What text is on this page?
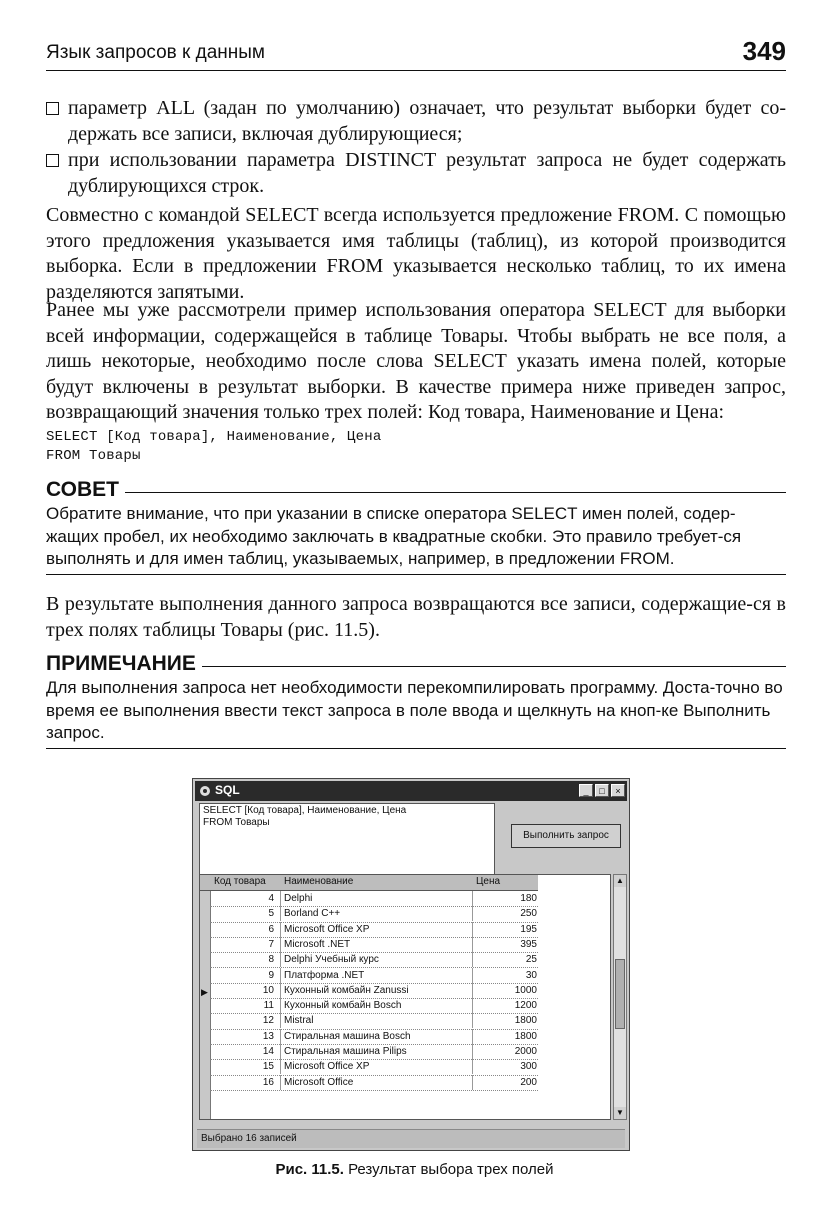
Язык запросов к данным	349
параметр ALL (задан по умолчанию) означает, что результат выборки будет со-держать все записи, включая дублирующиеся;
при использовании параметра DISTINCT результат запроса не будет содержать дублирующихся строк.
Совместно с командой SELECT всегда используется предложение FROM. С помощью этого предложения указывается имя таблицы (таблиц), из которой производится выборка. Если в предложении FROM указывается несколько таблиц, то их имена разделяются запятыми.
Ранее мы уже рассмотрели пример использования оператора SELECT для выборки всей информации, содержащейся в таблице Товары. Чтобы выбрать не все поля, а лишь некоторые, необходимо после слова SELECT указать имена полей, которые будут включены в результат выборки. В качестве примера ниже приведен запрос, возвращающий значения только трех полей: Код товара, Наименование и Цена:
SELECT [Код товара], Наименование, Цена
FROM Товары
СОВЕТ
Обратите внимание, что при указании в списке оператора SELECT имен полей, содер-жащих пробел, их необходимо заключать в квадратные скобки. Это правило требует-ся выполнять и для имен таблиц, указываемых, например, в предложении FROM.
В результате выполнения данного запроса возвращаются все записи, содержащие-ся в трех полях таблицы Товары (рис. 11.5).
ПРИМЕЧАНИЕ
Для выполнения запроса нет необходимости перекомпилировать программу. Доста-точно во время ее выполнения ввести текст запроса в поле ввода и щелкнуть на кноп-ке Выполнить запрос.
SQL	_	□	×
SELECT [Код товара], Наименование, Цена
FROM Товары
Выполнить запрос
Код товара Наименование	Цена
▶
4	Delphi	180
5	Borland C++	250
6	Microsoft Office XP	195
7	Microsoft .NET	395
8	Delphi Учебный курс	25
9	Платформа .NET	30
10	Кухонный комбайн Zanussi	1000
11	Кухонный комбайн Bosch	1200
12	Mistral	1800
13	Стиральная машина Bosch	1800
14	Стиральная машина Pilips	2000
15	Microsoft Office XP	300
16	Microsoft Office	200
▲
▼
Выбрано 16 записей
Рис. 11.5. Результат выбора трех полей
